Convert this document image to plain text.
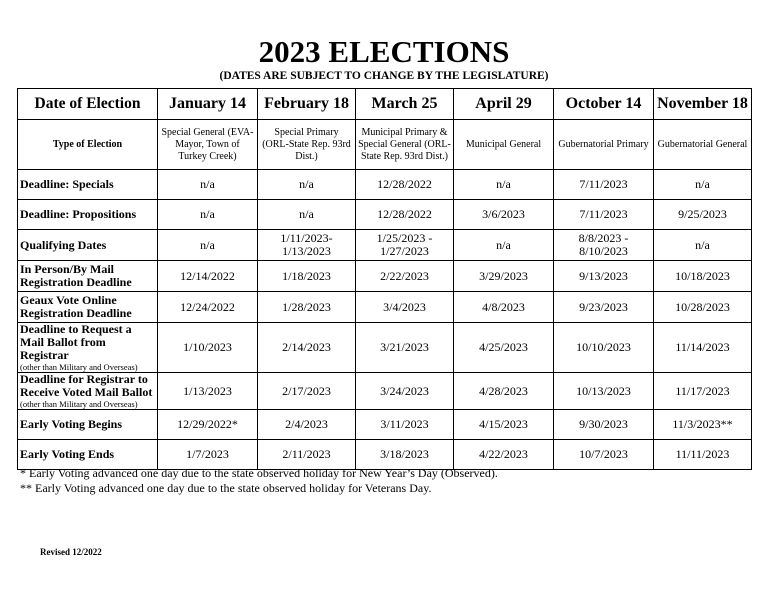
2023 ELECTIONS
(DATES ARE SUBJECT TO CHANGE BY THE LEGISLATURE)
Date of Election	January 14	February 18	March 25	April 29	October 14	November 18
Type of Election	Special General (EVA-Mayor, Town of Turkey Creek)	Special Primary (ORL-State Rep. 93rd Dist.)	Municipal Primary & Special General (ORL-State Rep. 93rd Dist.)	Municipal General	Gubernatorial Primary	Gubernatorial General
Deadline: Specials	n/a	n/a	12/28/2022	n/a	7/11/2023	n/a
Deadline: Propositions	n/a	n/a	12/28/2022	3/6/2023	7/11/2023	9/25/2023
Qualifying Dates	n/a	1/11/2023- 1/13/2023	1/25/2023 - 1/27/2023	n/a	8/8/2023 - 8/10/2023	n/a
In Person/By Mail Registration Deadline	12/14/2022	1/18/2023	2/22/2023	3/29/2023	9/13/2023	10/18/2023
Geaux Vote Online Registration Deadline	12/24/2022	1/28/2023	3/4/2023	4/8/2023	9/23/2023	10/28/2023
Deadline to Request a Mail Ballot from Registrar
(other than Military and Overseas)	1/10/2023	2/14/2023	3/21/2023	4/25/2023	10/10/2023	11/14/2023
Deadline for Registrar to Receive Voted Mail Ballot
(other than Military and Overseas)	1/13/2023	2/17/2023	3/24/2023	4/28/2023	10/13/2023	11/17/2023
Early Voting Begins	12/29/2022*	2/4/2023	3/11/2023	4/15/2023	9/30/2023	11/3/2023**
Early Voting Ends	1/7/2023	2/11/2023	3/18/2023	4/22/2023	10/7/2023	11/11/2023
* Early Voting advanced one day due to the state observed holiday for New Year’s Day (Observed).
** Early Voting advanced one day due to the state observed holiday for Veterans Day.
Revised 12/2022
